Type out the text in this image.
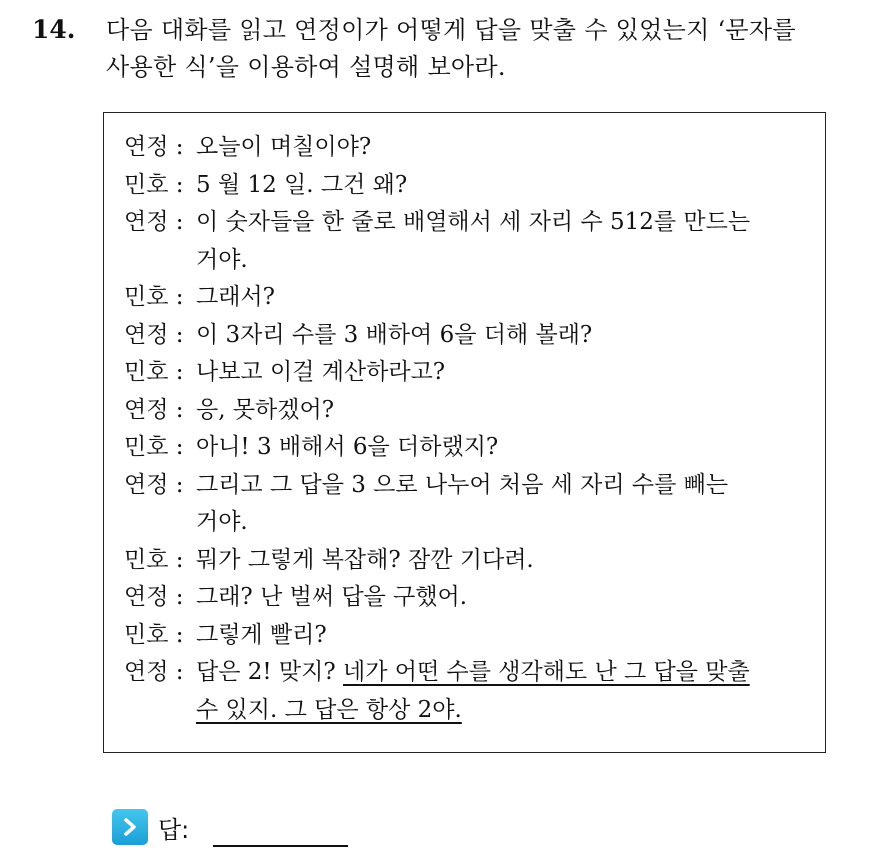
14.	다음 대화를 읽고 연정이가 어떻게 답을 맞출 수 있었는지 ‘문자를
사용한 식’을 이용하여 설명해 보아라.
연정 : 오늘이 며칠이야?
민호 : 5 월 12 일. 그건 왜?
연정 : 이 숫자들을 한 줄로 배열해서 세 자리 수 512를 만드는
거야.
민호 : 그래서?
연정 : 이 3자리 수를 3 배하여 6을 더해 볼래?
민호 : 나보고 이걸 계산하라고?
연정 : 응, 못하겠어?
민호 : 아니! 3 배해서 6을 더하랬지?
연정 : 그리고 그 답을 3 으로 나누어 처음 세 자리 수를 빼는
거야.
민호 : 뭐가 그렇게 복잡해? 잠깐 기다려.
연정 : 그래? 난 벌써 답을 구했어.
민호 : 그렇게 빨리?
연정 : 답은 2! 맞지? 네가 어떤 수를 생각해도 난 그 답을 맞출
수 있지. 그 답은 항상 2야.
답:
